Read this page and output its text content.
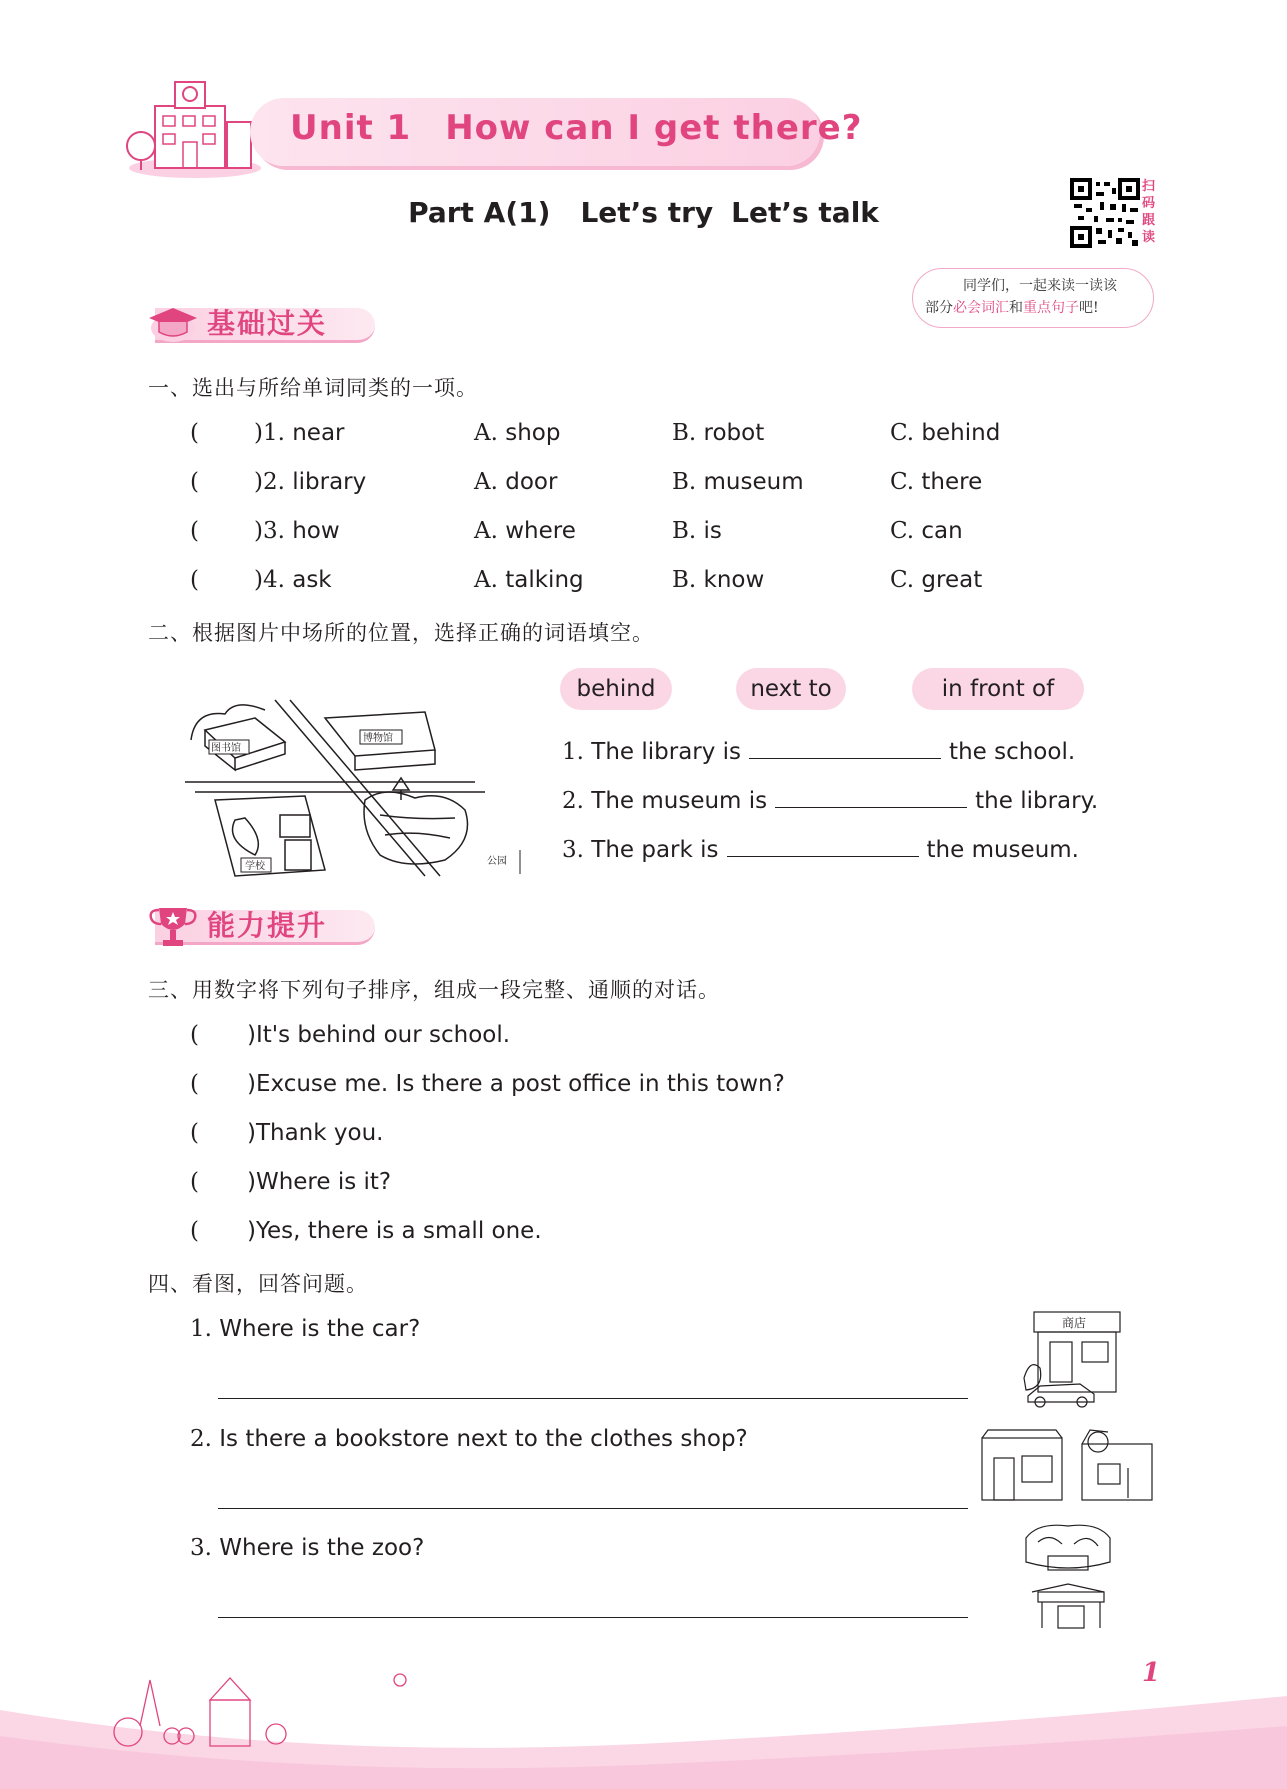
Unit 1 How can I get there?
Part A(1) Let’s try Let’s talk
扫
码
跟
读
同学们，一起来读一读该
部分必会词汇和重点句子吧!
基础过关
一、选出与所给单词同类的一项。
( )1. near	A. shop	B. robot	C. behind
( )2. library	A. door	B. museum	C. there
( )3. how	A. where	B. is	C. can
( )4. ask	A. talking	B. know	C. great
二、根据图片中场所的位置，选择正确的词语填空。
图书馆
博物馆
学校	公园
behind	next to	in front of
1. The library is	the school.
2. The museum is	the library.
3. The park is	the museum.
能力提升
三、用数字将下列句子排序，组成一段完整、通顺的对话。
( )It's behind our school.
( )Excuse me. Is there a post office in this town?
( )Thank you.
( )Where is it?
( )Yes, there is a small one.
四、看图，回答问题。
1. Where is the car?
2. Is there a bookstore next to the clothes shop?
3. Where is the zoo?
商店
1
